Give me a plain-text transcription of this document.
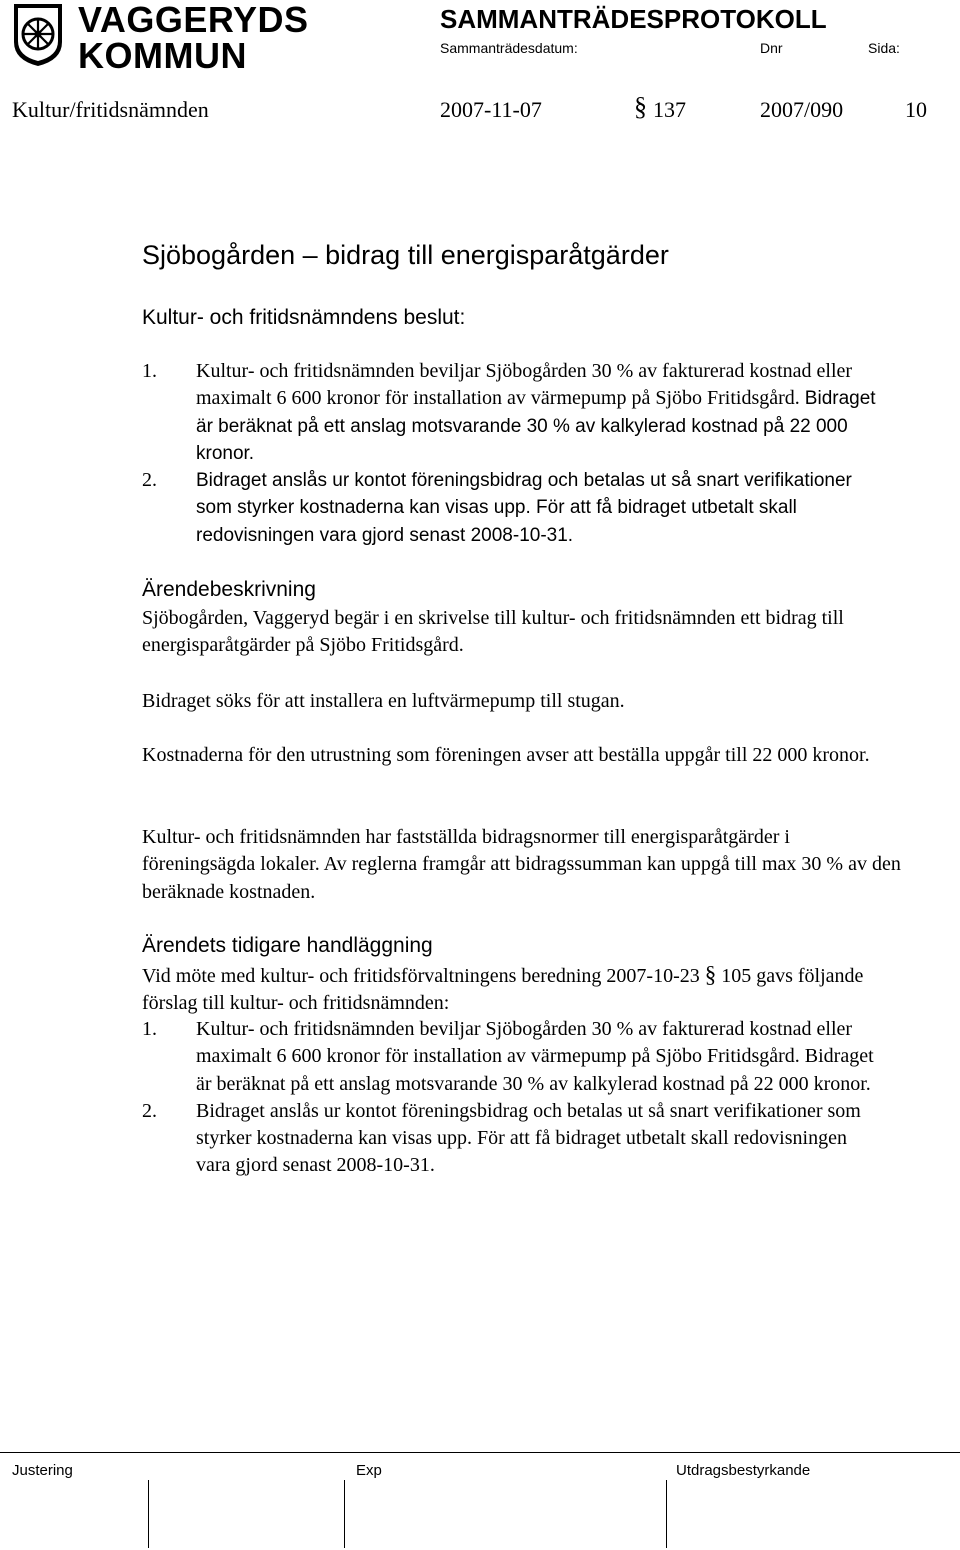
VAGGERYDS
KOMMUN
SAMMANTRÄDESPROTOKOLL
Sammanträdesdatum:	Dnr	Sida:
Kultur/fritidsnämnden	2007-11-07	§ 137	2007/090	10
Sjöbogården – bidrag till energisparåtgärder
Kultur- och fritidsnämndens beslut:
1.	Kultur- och fritidsnämnden beviljar Sjöbogården 30 % av fakturerad kostnad eller maximalt 6 600 kronor för installation av värmepump på Sjöbo Fritidsgård. Bidraget är beräknat på ett anslag motsvarande 30 % av kalkylerad kostnad på 22 000 kronor.
2.	Bidraget anslås ur kontot föreningsbidrag och betalas ut så snart verifikationer som styrker kostnaderna kan visas upp. För att få bidraget utbetalt skall redovisningen vara gjord senast 2008-10-31.
Ärendebeskrivning
Sjöbogården, Vaggeryd begär i en skrivelse till kultur- och fritidsnämnden ett bidrag till energisparåtgärder på Sjöbo Fritidsgård.
Bidraget söks för att installera en luftvärmepump till stugan.
Kostnaderna för den utrustning som föreningen avser att beställa uppgår till 22 000 kronor.
Kultur- och fritidsnämnden har fastställda bidragsnormer till energisparåtgärder i föreningsägda lokaler. Av reglerna framgår att bidragssumman kan uppgå till max 30 % av den beräknade kostnaden.
Ärendets tidigare handläggning
Vid möte med kultur- och fritidsförvaltningens beredning 2007-10-23 § 105 gavs följande förslag till kultur- och fritidsnämnden:
1.	Kultur- och fritidsnämnden beviljar Sjöbogården 30 % av fakturerad kostnad eller maximalt 6 600 kronor för installation av värmepump på Sjöbo Fritidsgård. Bidraget är beräknat på ett anslag motsvarande 30 % av kalkylerad kostnad på 22 000 kronor.
2.	Bidraget anslås ur kontot föreningsbidrag och betalas ut så snart verifikationer som styrker kostnaderna kan visas upp. För att få bidraget utbetalt skall redovisningen vara gjord senast 2008-10-31.
Justering	Exp	Utdragsbestyrkande
